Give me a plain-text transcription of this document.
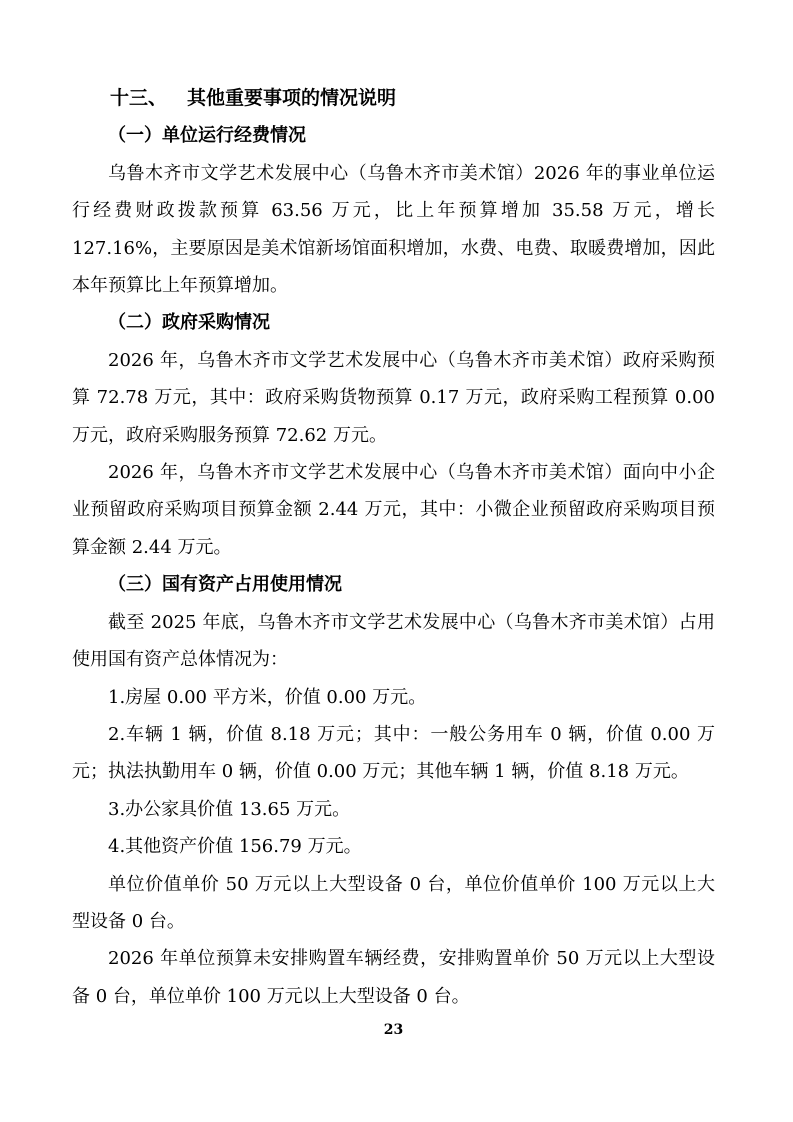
十三、 其他重要事项的情况说明
（一）单位运行经费情况

乌鲁木齐市文学艺术发展中心（乌鲁木齐市美术馆）2026 年的事业单位运行经费财政拨款预算 63.56 万元，比上年预算增加 35.58 万元，增长 127.16%，主要原因是美术馆新场馆面积增加，水费、电费、取暖费增加，因此本年预算比上年预算增加。

（二）政府采购情况

2026 年，乌鲁木齐市文学艺术发展中心（乌鲁木齐市美术馆）政府采购预算 72.78 万元，其中：政府采购货物预算 0.17 万元，政府采购工程预算 0.00 万元，政府采购服务预算 72.62 万元。

2026 年，乌鲁木齐市文学艺术发展中心（乌鲁木齐市美术馆）面向中小企业预留政府采购项目预算金额 2.44 万元，其中：小微企业预留政府采购项目预算金额 2.44 万元。

（三）国有资产占用使用情况

截至 2025 年底，乌鲁木齐市文学艺术发展中心（乌鲁木齐市美术馆）占用使用国有资产总体情况为：

1.房屋 0.00 平方米，价值 0.00 万元。

2.车辆 1 辆，价值 8.18 万元；其中：一般公务用车 0 辆，价值 0.00 万元；执法执勤用车 0 辆，价值 0.00 万元；其他车辆 1 辆，价值 8.18 万元。

3.办公家具价值 13.65 万元。

4.其他资产价值 156.79 万元。

单位价值单价 50 万元以上大型设备 0 台，单位价值单价 100 万元以上大型设备 0 台。

2026 年单位预算未安排购置车辆经费，安排购置单价 50 万元以上大型设备 0 台，单位单价 100 万元以上大型设备 0 台。

23
